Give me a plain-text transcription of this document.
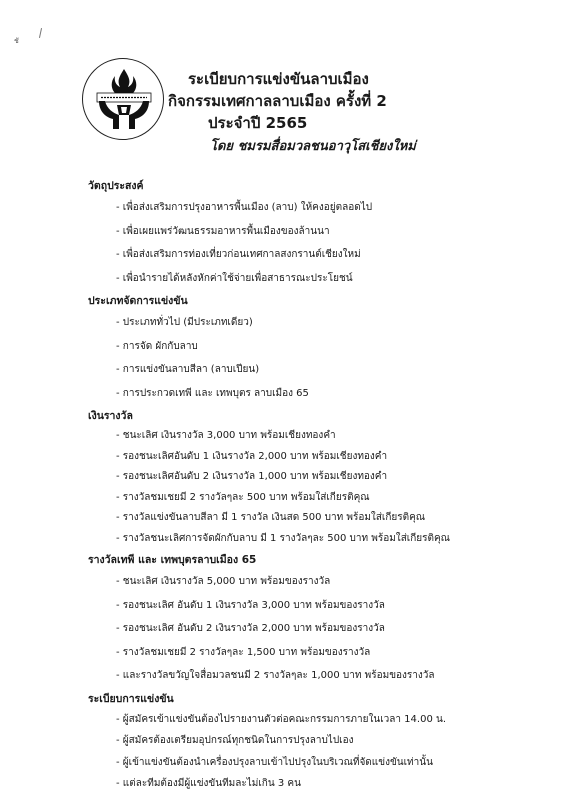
ชั
ระเบียบการแข่งขันลาบเมือง
กิจกรรมเทศกาลลาบเมือง ครั้งที่ 2
ประจำปี 2565
โดย ชมรมสื่อมวลชนอาวุโสเชียงใหม่
วัตถุประสงค์
- เพื่อส่งเสริมการปรุงอาหารพื้นเมือง (ลาบ) ให้คงอยู่ตลอดไป
- เพื่อเผยแพร่วัฒนธรรมอาหารพื้นเมืองของล้านนา
- เพื่อส่งเสริมการท่องเที่ยวก่อนเทศกาลสงกรานต์เชียงใหม่
- เพื่อนำรายได้หลังหักค่าใช้จ่ายเพื่อสาธารณะประโยชน์
ประเภทจัดการแข่งขัน
- ประเภททั่วไป (มีประเภทเดียว)
- การจัด ผักกับลาบ
- การแข่งขันลาบสีลา (ลาบเปียน)
- การประกวดเทพี และ เทพบุตร ลาบเมือง 65
เงินรางวัล
- ชนะเลิศ เงินรางวัล 3,000 บาท พร้อมเชียงทองคำ
- รองชนะเลิศอันดับ 1 เงินรางวัล 2,000 บาท พร้อมเชียงทองคำ
- รองชนะเลิศอันดับ 2 เงินรางวัล 1,000 บาท พร้อมเชียงทองคำ
- รางวัลชมเชยมี 2 รางวัลๆละ 500 บาท พร้อมใส่เกียรติคุณ
- รางวัลแข่งขันลาบสีลา มี 1 รางวัล เงินสด 500 บาท พร้อมใส่เกียรติคุณ
- รางวัลชนะเลิศการจัดผักกับลาบ มี 1 รางวัลๆละ 500 บาท พร้อมใส่เกียรติคุณ
รางวัลเทพี และ เทพบุตรลาบเมือง 65
- ชนะเลิศ เงินรางวัล 5,000 บาท พร้อมของรางวัล
- รองชนะเลิศ อันดับ 1 เงินรางวัล 3,000 บาท พร้อมของรางวัล
- รองชนะเลิศ อันดับ 2 เงินรางวัล 2,000 บาท พร้อมของรางวัล
- รางวัลชมเชยมี 2 รางวัลๆละ 1,500 บาท พร้อมของรางวัล
- และรางวัลขวัญใจสื่อมวลชนมี 2 รางวัลๆละ 1,000 บาท พร้อมของรางวัล
ระเบียบการแข่งขัน
- ผู้สมัครเข้าแข่งขันต้องไปรายงานตัวต่อคณะกรรมการภายในเวลา 14.00 น.
- ผู้สมัครต้องเตรียมอุปกรณ์ทุกชนิดในการปรุงลาบไปเอง
- ผู้เข้าแข่งขันต้องนำเครื่องปรุงลาบเข้าไปปรุงในบริเวณที่จัดแข่งขันเท่านั้น
- แต่ละทีมต้องมีผู้แข่งขันทีมละไม่เกิน 3 คน
